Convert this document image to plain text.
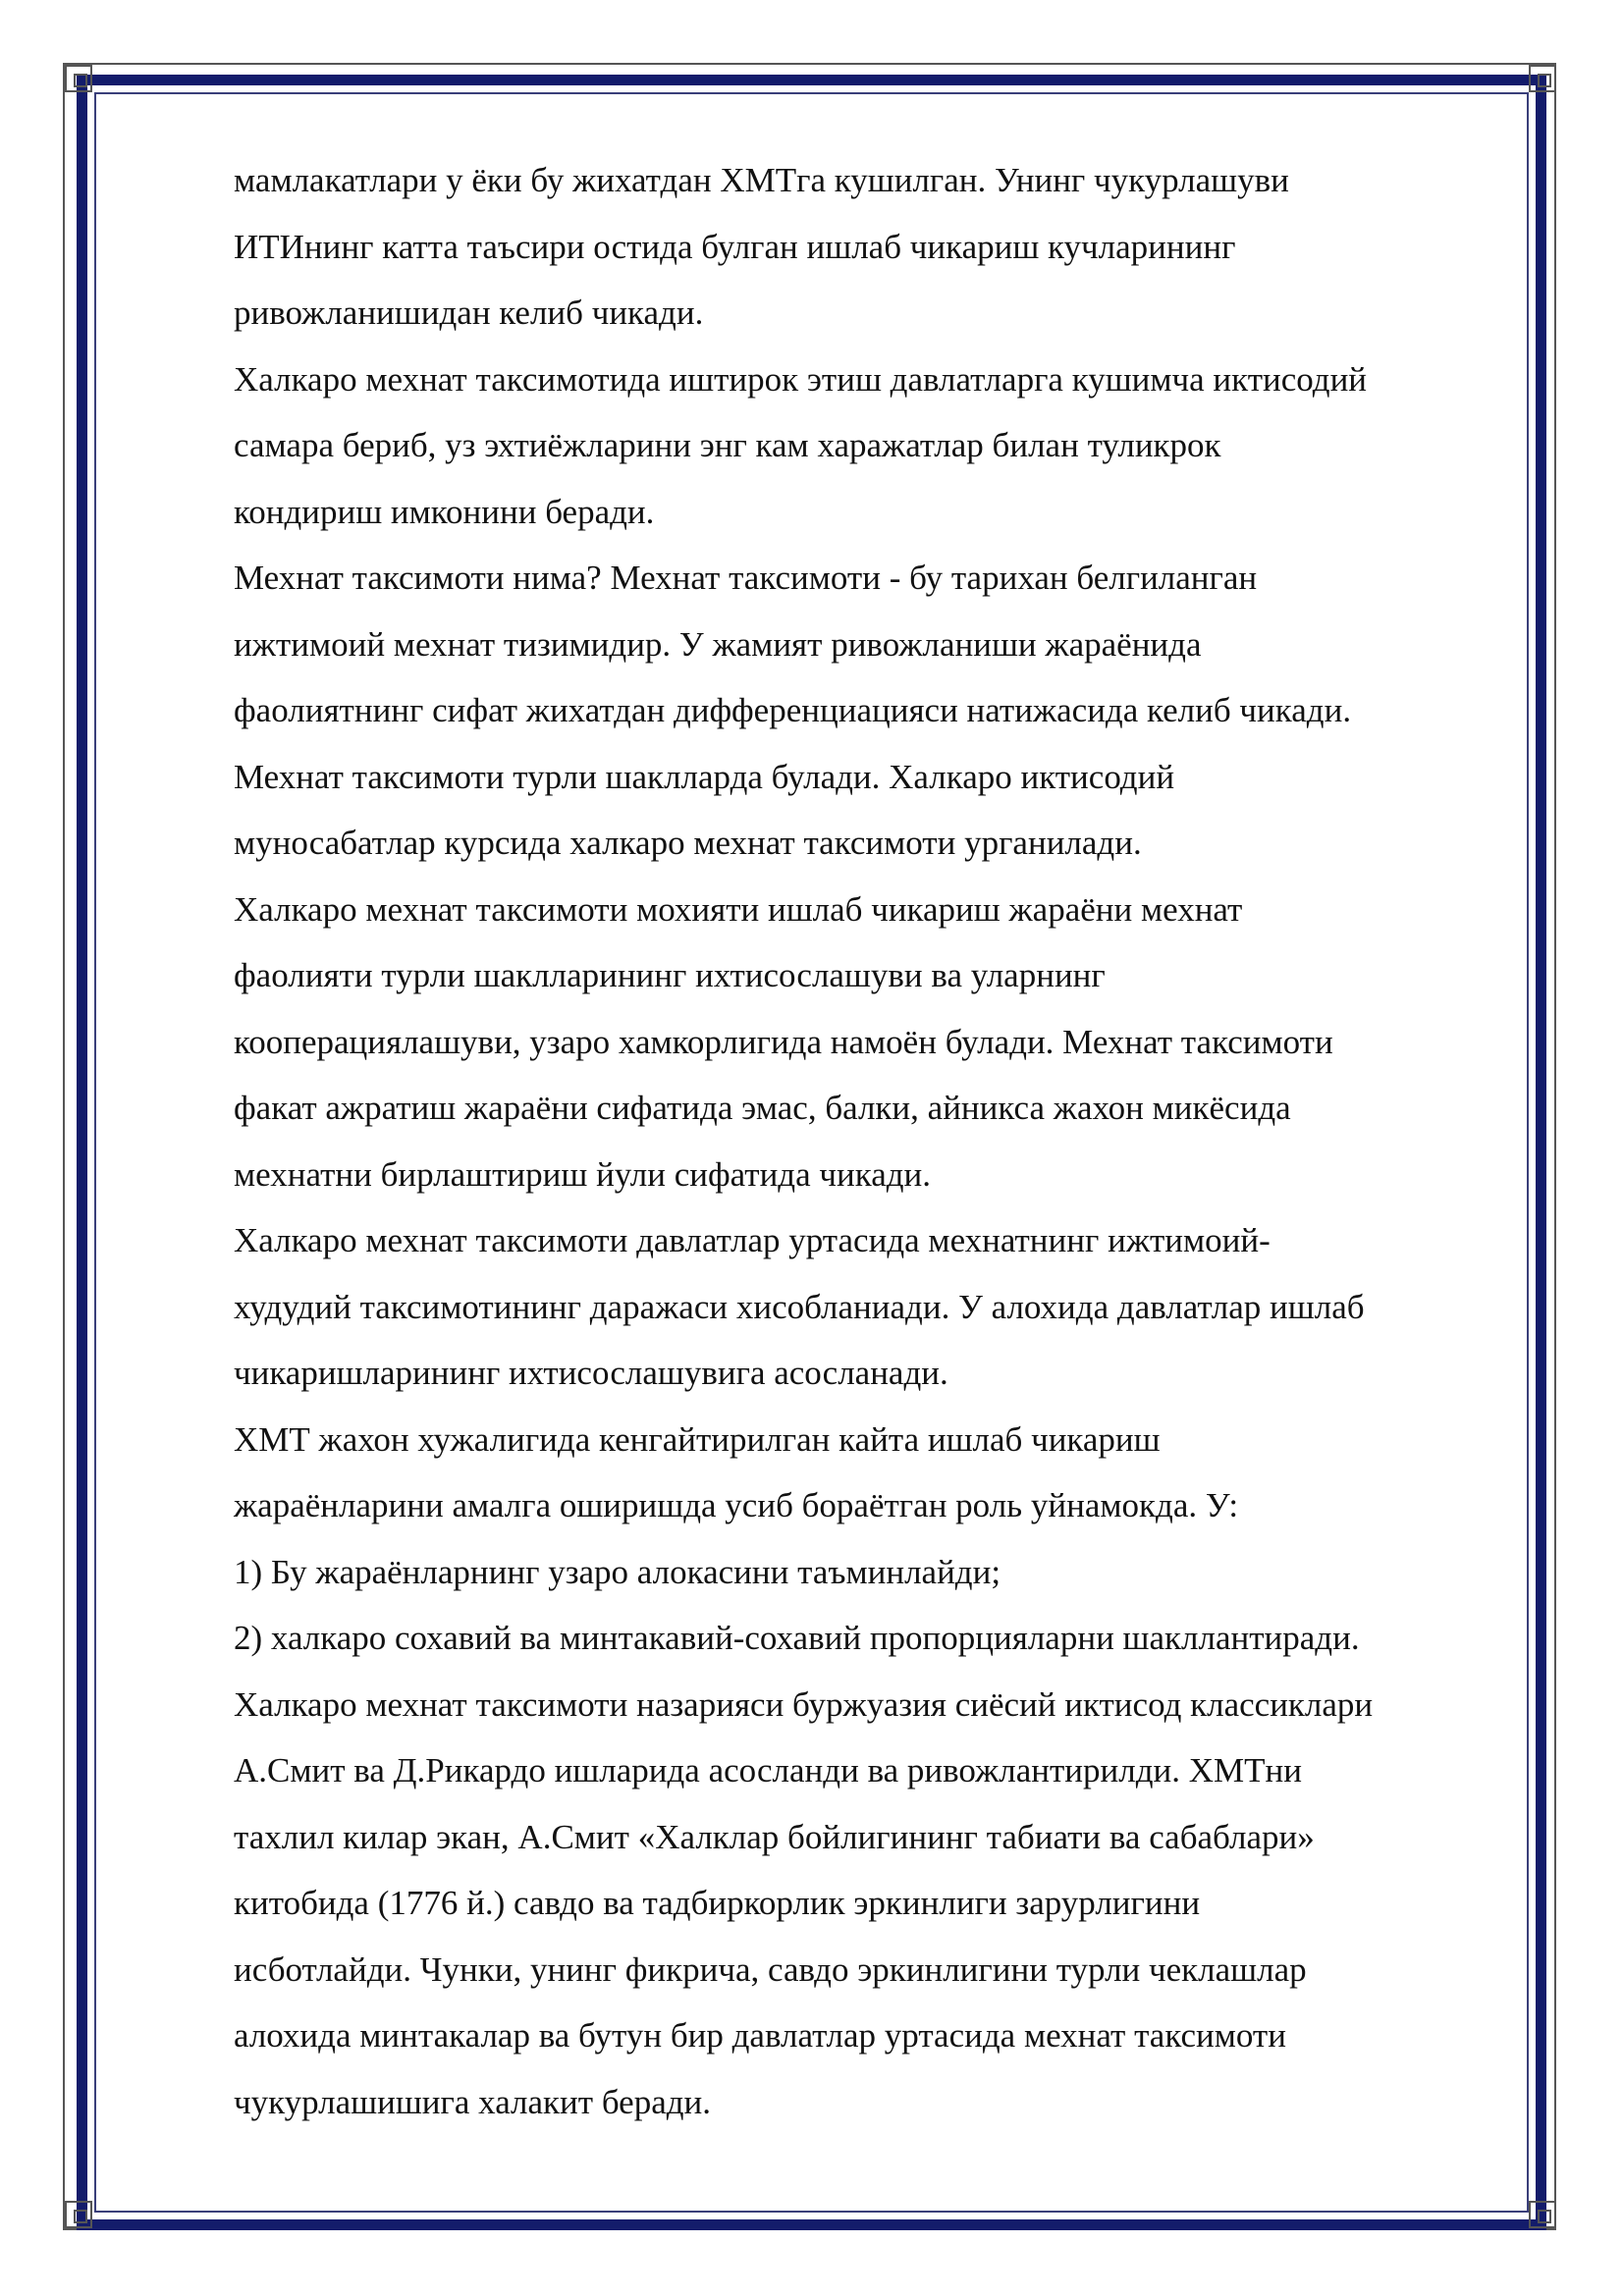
мамлакатлари у ёки бу жихатдан ХМТга кушилган. Унинг чукурлашуви
ИТИнинг катта таъсири остида булган ишлаб чикариш кучларининг
ривожланишидан келиб чикади.
Халкаро мехнат таксимотида иштирок этиш давлатларга кушимча иктисодий
самара бериб, уз эхтиёжларини энг кам харажатлар билан туликрок
кондириш имконини беради.
Мехнат таксимоти нима? Мехнат таксимоти - бу тарихан белгиланган
ижтимоий мехнат тизимидир. У жамият ривожланиши жараёнида
фаолиятнинг сифат жихатдан дифференциацияси натижасида келиб чикади.
Мехнат таксимоти турли шаклларда булади. Халкаро иктисодий
муносабатлар курсида халкаро мехнат таксимоти урганилади.
Халкаро мехнат таксимоти мохияти ишлаб чикариш жараёни мехнат
фаолияти турли шаклларининг ихтисослашуви ва уларнинг
кооперациялашуви, узаро хамкорлигида намоён булади. Мехнат таксимоти
факат ажратиш жараёни сифатида эмас, балки, айникса жахон микёсида
мехнатни бирлаштириш йули сифатида чикади.
Халкаро мехнат таксимоти давлатлар уртасида мехнатнинг ижтимоий-
худудий таксимотининг даражаси хисобланиади. У алохида давлатлар ишлаб
чикаришларининг ихтисослашувига асосланади.
ХМТ жахон хужалигида кенгайтирилган кайта ишлаб чикариш
жараёнларини амалга оширишда усиб бораётган роль уйнамокда. У:
1) Бу жараёнларнинг узаро алокасини таъминлайди;
2) халкаро сохавий ва минтакавий-сохавий пропорцияларни шакллантиради.
Халкаро мехнат таксимоти назарияси буржуазия сиёсий иктисод классиклари
А.Смит ва Д.Рикардо ишларида асосланди ва ривожлантирилди. ХМТни
тахлил килар экан, А.Смит «Халклар бойлигининг табиати ва сабаблари»
китобида (1776 й.) савдо ва тадбиркорлик эркинлиги зарурлигини
исботлайди. Чунки, унинг фикрича, савдо эркинлигини турли чеклашлар
алохида минтакалар ва бутун бир давлатлар уртасида мехнат таксимоти
чукурлашишига халакит беради.
